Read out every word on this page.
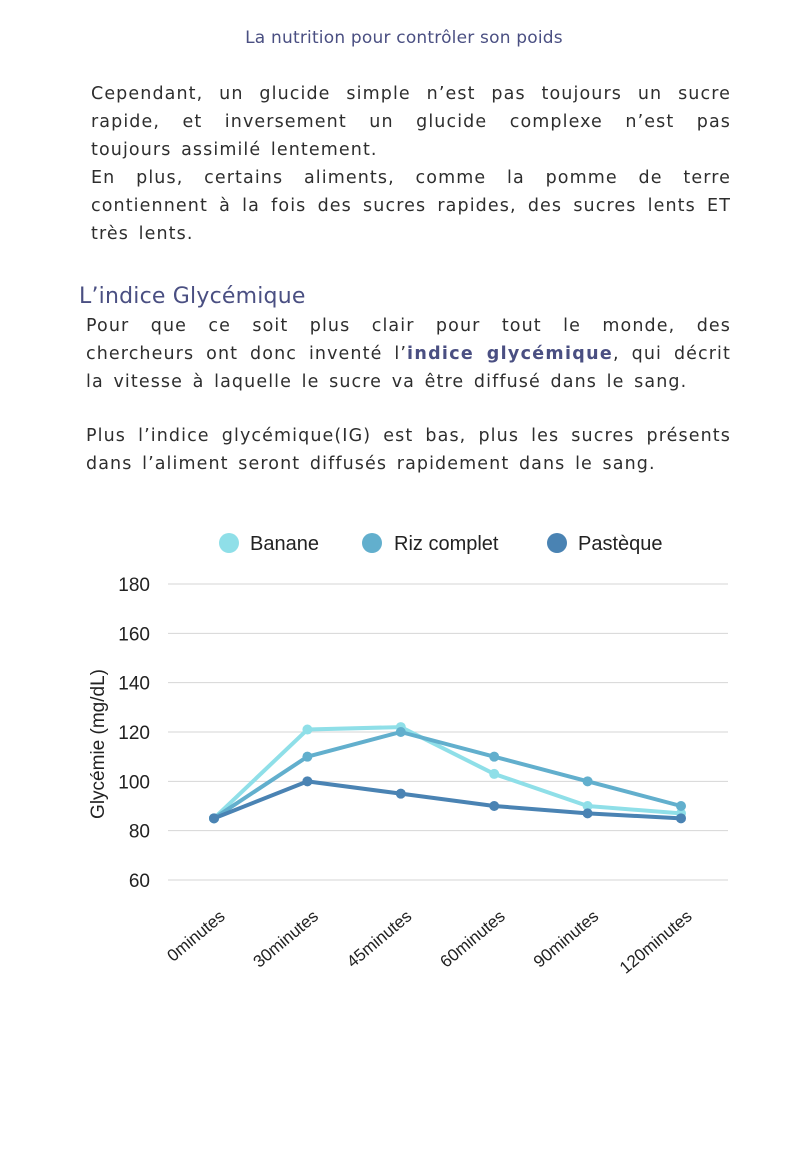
La nutrition pour contrôler son poids

Cependant, un glucide simple n’est pas toujours un sucre rapide, et inversement un glucide complexe n’est pas toujours assimilé lentement.

En plus, certains aliments, comme la pomme de terre contiennent à la fois des sucres rapides, des sucres lents ET très lents.

L’indice Glycémique

Pour que ce soit plus clair pour tout le monde, des chercheurs ont donc inventé l’indice glycémique, qui décrit la vitesse à laquelle le sucre va être diffusé dans le sang.

Plus l’indice glycémique(IG) est bas, plus les sucres présents dans l’aliment seront diffusés rapidement dans le sang.

Banane	Riz complet	Pastèque
60
80
100
120
140
160
180
Glycémie (mg/dL)
0minutes 30minutes 45minutes 60minutes 90minutes 120minutes
